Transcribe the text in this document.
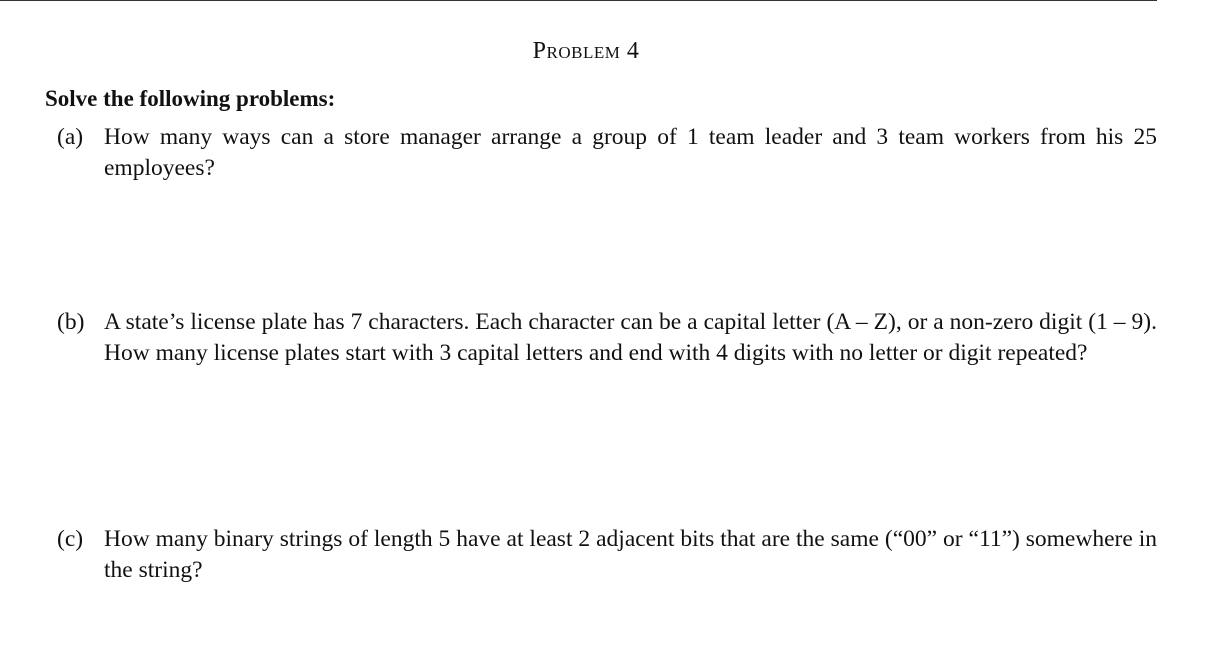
Problem 4
Solve the following problems:
(a) How many ways can a store manager arrange a group of 1 team leader and 3 team workers from his 25 employees?
(b) A state’s license plate has 7 characters. Each character can be a capital letter (A – Z), or a non-zero digit (1 – 9). How many license plates start with 3 capital letters and end with 4 digits with no letter or digit repeated?
(c) How many binary strings of length 5 have at least 2 adjacent bits that are the same (“00” or “11”) somewhere in the string?
